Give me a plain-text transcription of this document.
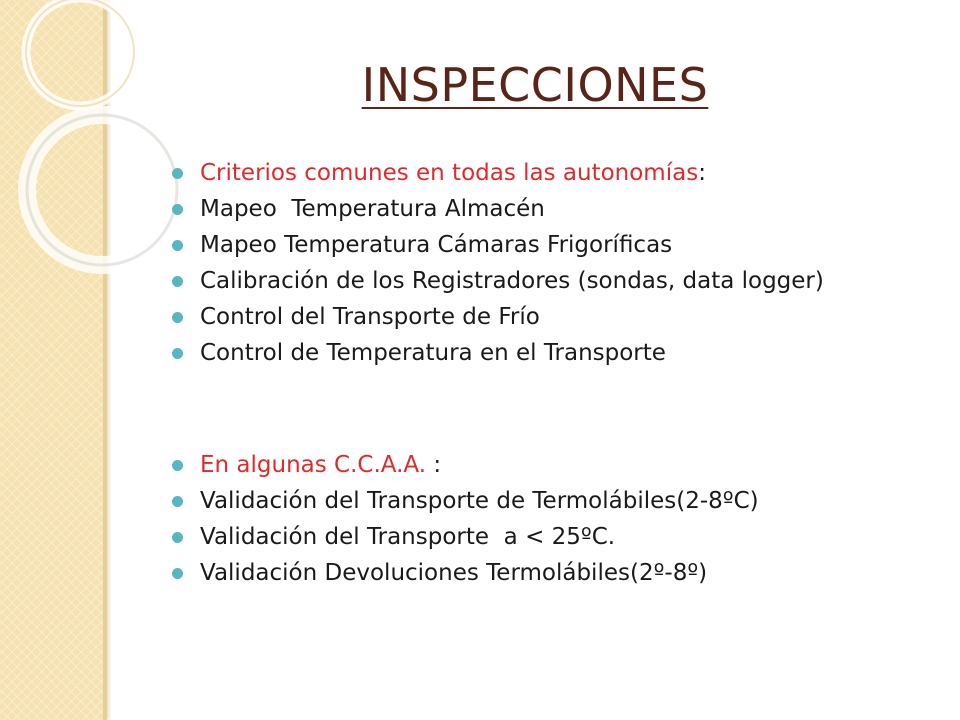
INSPECCIONES
Criterios comunes en todas las autonomías:
Mapeo  Temperatura Almacén
Mapeo Temperatura Cámaras Frigoríficas
Calibración de los Registradores (sondas, data logger)
Control del Transporte de Frío
Control de Temperatura en el Transporte
En algunas C.C.A.A. :
Validación del Transporte de Termolábiles(2-8ºC)
Validación del Transporte  a < 25ºC.
Validación Devoluciones Termolábiles(2º-8º)
